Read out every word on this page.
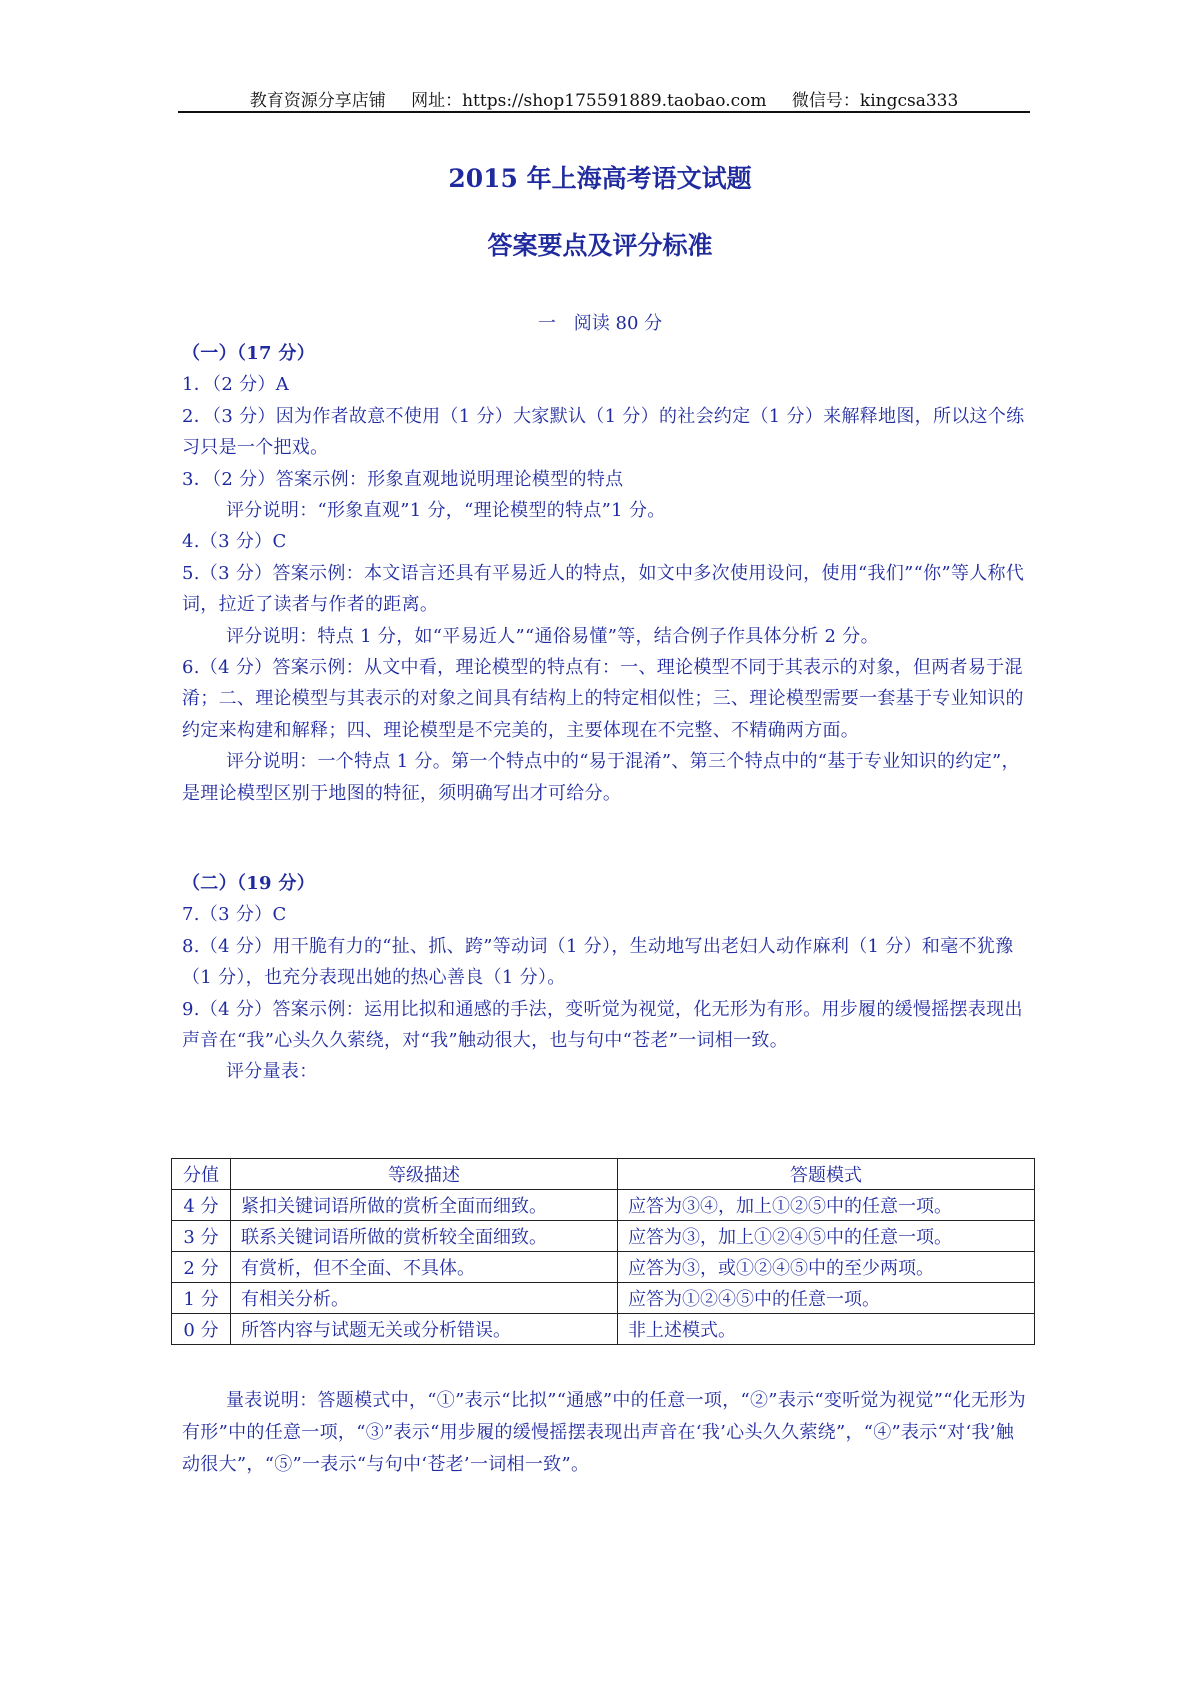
教育资源分享店铺 网址：https://shop175591889.taobao.com 微信号：kingcsa333
2015 年上海高考语文试题
答案要点及评分标准
一　阅读 80 分

（一）（17 分）

1．（2 分）A

2．（3 分）因为作者故意不使用（1 分）大家默认（1 分）的社会约定（1 分）来解释地图，所以这个练习只是一个把戏。

3．（2 分）答案示例：形象直观地说明理论模型的特点

评分说明：“形象直观”1 分，“理论模型的特点”1 分。

4.（3 分）C

5.（3 分）答案示例：本文语言还具有平易近人的特点，如文中多次使用设问，使用“我们”“你”等人称代词，拉近了读者与作者的距离。

评分说明：特点 1 分，如“平易近人”“通俗易懂”等，结合例子作具体分析 2 分。

6.（4 分）答案示例：从文中看，理论模型的特点有：一、理论模型不同于其表示的对象，但两者易于混淆；二、理论模型与其表示的对象之间具有结构上的特定相似性；三、理论模型需要一套基于专业知识的约定来构建和解释；四、理论模型是不完美的，主要体现在不完整、不精确两方面。

评分说明：一个特点 1 分。第一个特点中的“易于混淆”、第三个特点中的“基于专业知识的约定”，是理论模型区别于地图的特征，须明确写出才可给分。

（二）（19 分）

7.（3 分）C

8.（4 分）用干脆有力的“扯、抓、跨”等动词（1 分），生动地写出老妇人动作麻利（1 分）和毫不犹豫（1 分），也充分表现出她的热心善良（1 分）。

9.（4 分）答案示例：运用比拟和通感的手法，变听觉为视觉，化无形为有形。用步履的缓慢摇摆表现出声音在“我”心头久久萦绕，对“我”触动很大，也与句中“苍老”一词相一致。

评分量表：

分值	等级描述	答题模式
4 分	紧扣关键词语所做的赏析全面而细致。	应答为③④，加上①②⑤中的任意一项。
3 分	联系关键词语所做的赏析较全面细致。	应答为③，加上①②④⑤中的任意一项。
2 分	有赏析，但不全面、不具体。	应答为③，或①②④⑤中的至少两项。
1 分	有相关分析。	应答为①②④⑤中的任意一项。
0 分	所答内容与试题无关或分析错误。	非上述模式。

量表说明：答题模式中，“①”表示“比拟”“通感”中的任意一项，“②”表示“变听觉为视觉”“化无形为有形”中的任意一项，“③”表示“用步履的缓慢摇摆表现出声音在‘我’心头久久萦绕”，“④”表示“对‘我’触动很大”，“⑤”一表示“与句中‘苍老’一词相一致”。
